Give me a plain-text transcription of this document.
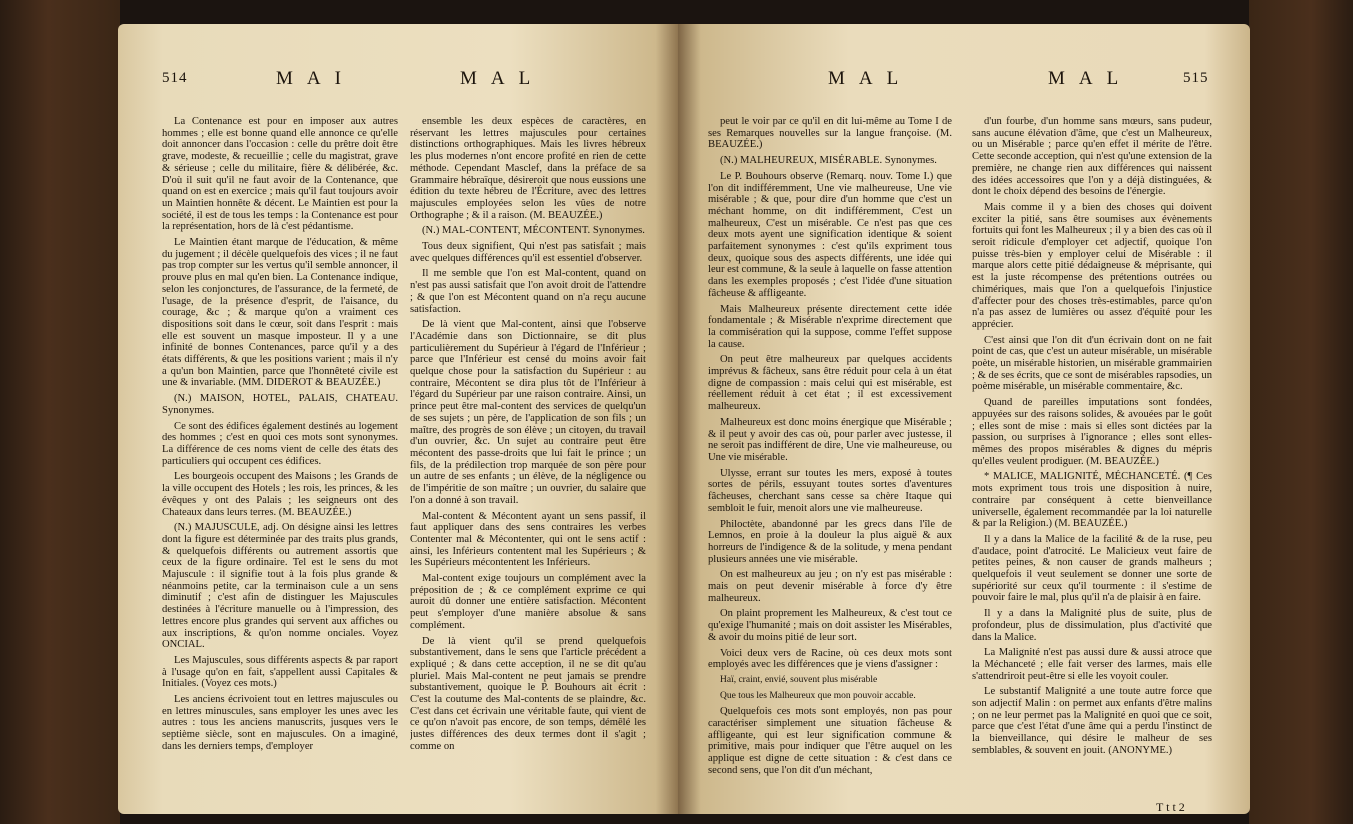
514	MAI	MAL

La Contenance est pour en imposer aux autres hommes ; elle est bonne quand elle annonce ce qu'elle doit annoncer dans l'occasion : celle du prêtre doit être grave, modeste, & recueillie ; celle du magistrat, grave & sérieuse ; celle du militaire, fière & délibérée, &c. D'où il suit qu'il ne faut avoir de la Contenance, que quand on est en exercice ; mais qu'il faut toujours avoir un Maintien honnête & décent. Le Maintien est pour la société, il est de tous les temps : la Contenance est pour la représentation, hors de là c'est pédantisme.

Le Maintien étant marque de l'éducation, & même du jugement ; il décèle quelquefois des vices ; il ne faut pas trop compter sur les vertus qu'il semble annoncer, il prouve plus en mal qu'en bien. La Contenance indique, selon les conjonctures, de l'assurance, de la fermeté, de l'usage, de la présence d'esprit, de l'aisance, du courage, &c ; & marque qu'on a vraiment ces dispositions soit dans le cœur, soit dans l'esprit : mais elle est souvent un masque imposteur. Il y a une infinité de bonnes Contenances, parce qu'il y a des états différents, & que les positions varient ; mais il n'y a qu'un bon Maintien, parce que l'honnêteté civile est une & invariable. (MM. DIDEROT & BEAUZÉE.)

(N.) MAISON, HOTEL, PALAIS, CHATEAU. Synonymes.

Ce sont des édifices également destinés au logement des hommes ; c'est en quoi ces mots sont synonymes. La différence de ces noms vient de celle des états des particuliers qui occupent ces édifices.

Les bourgeois occupent des Maisons ; les Grands de la ville occupent des Hotels ; les rois, les princes, & les évêques y ont des Palais ; les seigneurs ont des Chateaux dans leurs terres. (M. BEAUZÉE.)

(N.) MAJUSCULE, adj. On désigne ainsi les lettres dont la figure est déterminée par des traits plus grands, & quelquefois différents ou autrement assortis que ceux de la figure ordinaire. Tel est le sens du mot Majuscule : il signifie tout à la fois plus grande & néanmoins petite, car la terminaison cule a un sens diminutif ; c'est afin de distinguer les Majuscules destinées à l'écriture manuelle ou à l'impression, des lettres encore plus grandes qui servent aux affiches ou aux inscriptions, & qu'on nomme onciales. Voyez ONCIAL.

Les Majuscules, sous différents aspects & par raport à l'usage qu'on en fait, s'appellent aussi Capitales & Initiales. (Voyez ces mots.)

Les anciens écrivoient tout en lettres majuscules ou en lettres minuscules, sans employer les unes avec les autres : tous les anciens manuscrits, jusques vers le septième siècle, sont en majuscules. On a imaginé, dans les derniers temps, d'employer

ensemble les deux espèces de caractères, en réservant les lettres majuscules pour certaines distinctions orthographiques. Mais les livres hébreux les plus modernes n'ont encore profité en rien de cette méthode. Cependant Masclef, dans la préface de sa Grammaire hébraïque, désireroit que nous eussions une édition du texte hébreu de l'Écriture, avec des lettres majuscules employées selon les vûes de notre Orthographe ; & il a raison. (M. BEAUZÉE.)

(N.) MAL-CONTENT, MÉCONTENT. Synonymes.

Tous deux signifient, Qui n'est pas satisfait ; mais avec quelques différences qu'il est essentiel d'observer.

Il me semble que l'on est Mal-content, quand on n'est pas aussi satisfait que l'on avoit droit de l'attendre ; & que l'on est Mécontent quand on n'a reçu aucune satisfaction.

De là vient que Mal-content, ainsi que l'observe l'Académie dans son Dictionnaire, se dit plus particulièrement du Supérieur à l'égard de l'Inférieur ; parce que l'Inférieur est censé du moins avoir fait quelque chose pour la satisfaction du Supérieur : au contraire, Mécontent se dira plus tôt de l'Inférieur à l'égard du Supérieur par une raison contraire. Ainsi, un prince peut être mal-content des services de quelqu'un de ses sujets ; un père, de l'application de son fils ; un maître, des progrès de son élève ; un citoyen, du travail d'un ouvrier, &c. Un sujet au contraire peut être mécontent des passe-droits que lui fait le prince ; un fils, de la prédilection trop marquée de son père pour un autre de ses enfants ; un élève, de la négligence ou de l'impéritie de son maître ; un ouvrier, du salaire que l'on a donné à son travail.

Mal-content & Mécontent ayant un sens passif, il faut appliquer dans des sens contraires les verbes Contenter mal & Mécontenter, qui ont le sens actif : ainsi, les Inférieurs contentent mal les Supérieurs ; & les Supérieurs mécontentent les Inférieurs.

Mal-content exige toujours un complément avec la préposition de ; & ce complément exprime ce qui auroit dû donner une entière satisfaction. Mécontent peut s'employer d'une manière absolue & sans complément.

De là vient qu'il se prend quelquefois substantivement, dans le sens que l'article précédent a expliqué ; & dans cette acception, il ne se dit qu'au pluriel. Mais Mal-content ne peut jamais se prendre substantivement, quoique le P. Bouhours ait écrit : C'est la coutume des Mal-contents de se plaindre, &c. C'est dans cet écrivain une véritable faute, qui vient de ce qu'on n'avoit pas encore, de son temps, démêlé les justes différences des deux termes dont il s'agit ; comme on

MAL	MAL	515

peut le voir par ce qu'il en dit lui-même au Tome I de ses Remarques nouvelles sur la langue françoise. (M. BEAUZÉE.)

(N.) MALHEUREUX, MISÉRABLE. Synonymes.

Le P. Bouhours observe (Remarq. nouv. Tome I.) que l'on dit indifféremment, Une vie malheureuse, Une vie misérable ; & que, pour dire d'un homme que c'est un méchant homme, on dit indifféremment, C'est un malheureux, C'est un misérable. Ce n'est pas que ces deux mots ayent une signification identique & soient parfaitement synonymes : c'est qu'ils expriment tous deux, quoique sous des aspects différents, une idée qui leur est commune, & la seule à laquelle on fasse attention dans les exemples proposés ; c'est l'idée d'une situation fâcheuse & affligeante.

Mais Malheureux présente directement cette idée fondamentale ; & Misérable n'exprime directement que la commisération qui la suppose, comme l'effet suppose la cause.

On peut être malheureux par quelques accidents imprévus & fâcheux, sans être réduit pour cela à un état digne de compassion : mais celui qui est misérable, est réellement réduit à cet état ; il est excessivement malheureux.

Malheureux est donc moins énergique que Misérable ; & il peut y avoir des cas où, pour parler avec justesse, il ne seroit pas indifférent de dire, Une vie malheureuse, ou Une vie misérable.

Ulysse, errant sur toutes les mers, exposé à toutes sortes de périls, essuyant toutes sortes d'aventures fâcheuses, cherchant sans cesse sa chère Itaque qui sembloit le fuir, menoit alors une vie malheureuse.

Philoctète, abandonné par les grecs dans l'île de Lemnos, en proie à la douleur la plus aiguë & aux horreurs de l'indigence & de la solitude, y mena pendant plusieurs années une vie misérable.

On est malheureux au jeu ; on n'y est pas misérable : mais on peut devenir misérable à force d'y être malheureux.

On plaint proprement les Malheureux, & c'est tout ce qu'exige l'humanité ; mais on doit assister les Misérables, & avoir du moins pitié de leur sort.

Voici deux vers de Racine, où ces deux mots sont employés avec les différences que je viens d'assigner :

Haï, craint, envié, souvent plus misérable

Que tous les Malheureux que mon pouvoir accable.

Quelquefois ces mots sont employés, non pas pour caractériser simplement une situation fâcheuse & affligeante, qui est leur signification commune & primitive, mais pour indiquer que l'être auquel on les applique est digne de cette situation : & c'est dans ce second sens, que l'on dit d'un méchant,

d'un fourbe, d'un homme sans mœurs, sans pudeur, sans aucune élévation d'âme, que c'est un Malheureux, ou un Misérable ; parce qu'en effet il mérite de l'être. Cette seconde acception, qui n'est qu'une extension de la première, ne change rien aux différences qui naissent des idées accessoires que l'on y a déjà distinguées, & dont le choix dépend des besoins de l'énergie.

Mais comme il y a bien des choses qui doivent exciter la pitié, sans être soumises aux évènements fortuits qui font les Malheureux ; il y a bien des cas où il seroit ridicule d'employer cet adjectif, quoique l'on puisse très-bien y employer celui de Misérable : il marque alors cette pitié dédaigneuse & méprisante, qui est la juste récompense des prétentions outrées ou chimériques, mais que l'on a quelquefois l'injustice d'affecter pour des choses très-estimables, parce qu'on n'a pas assez de lumières ou assez d'équité pour les apprécier.

C'est ainsi que l'on dit d'un écrivain dont on ne fait point de cas, que c'est un auteur misérable, un misérable poète, un misérable historien, un misérable grammairien ; & de ses écrits, que ce sont de misérables rapsodies, un poème misérable, un misérable commentaire, &c.

Quand de pareilles imputations sont fondées, appuyées sur des raisons solides, & avouées par le goût ; elles sont de mise : mais si elles sont dictées par la passion, ou surprises à l'ignorance ; elles sont elles-mêmes des propos misérables & dignes du mépris qu'elles veulent prodiguer. (M. BEAUZÉE.)

* MALICE, MALIGNITÉ, MÉCHANCETÉ. (¶ Ces mots expriment tous trois une disposition à nuire, contraire par conséquent à cette bienveillance universelle, également recommandée par la loi naturelle & par la Religion.) (M. BEAUZÉE.)

Il y a dans la Malice de la facilité & de la ruse, peu d'audace, point d'atrocité. Le Malicieux veut faire de petites peines, & non causer de grands malheurs ; quelquefois il veut seulement se donner une sorte de supériorité sur ceux qu'il tourmente : il s'estime de pouvoir faire le mal, plus qu'il n'a de plaisir à en faire.

Il y a dans la Malignité plus de suite, plus de profondeur, plus de dissimulation, plus d'activité que dans la Malice.

La Malignité n'est pas aussi dure & aussi atroce que la Méchanceté ; elle fait verser des larmes, mais elle s'attendriroit peut-être si elle les voyoit couler.

Le substantif Malignité a une toute autre force que son adjectif Malin : on permet aux enfants d'être malins ; on ne leur permet pas la Malignité en quoi que ce soit, parce que c'est l'état d'une âme qui a perdu l'instinct de la bienveillance, qui désire le malheur de ses semblables, & souvent en jouit. (ANONYME.)

T t t 2
